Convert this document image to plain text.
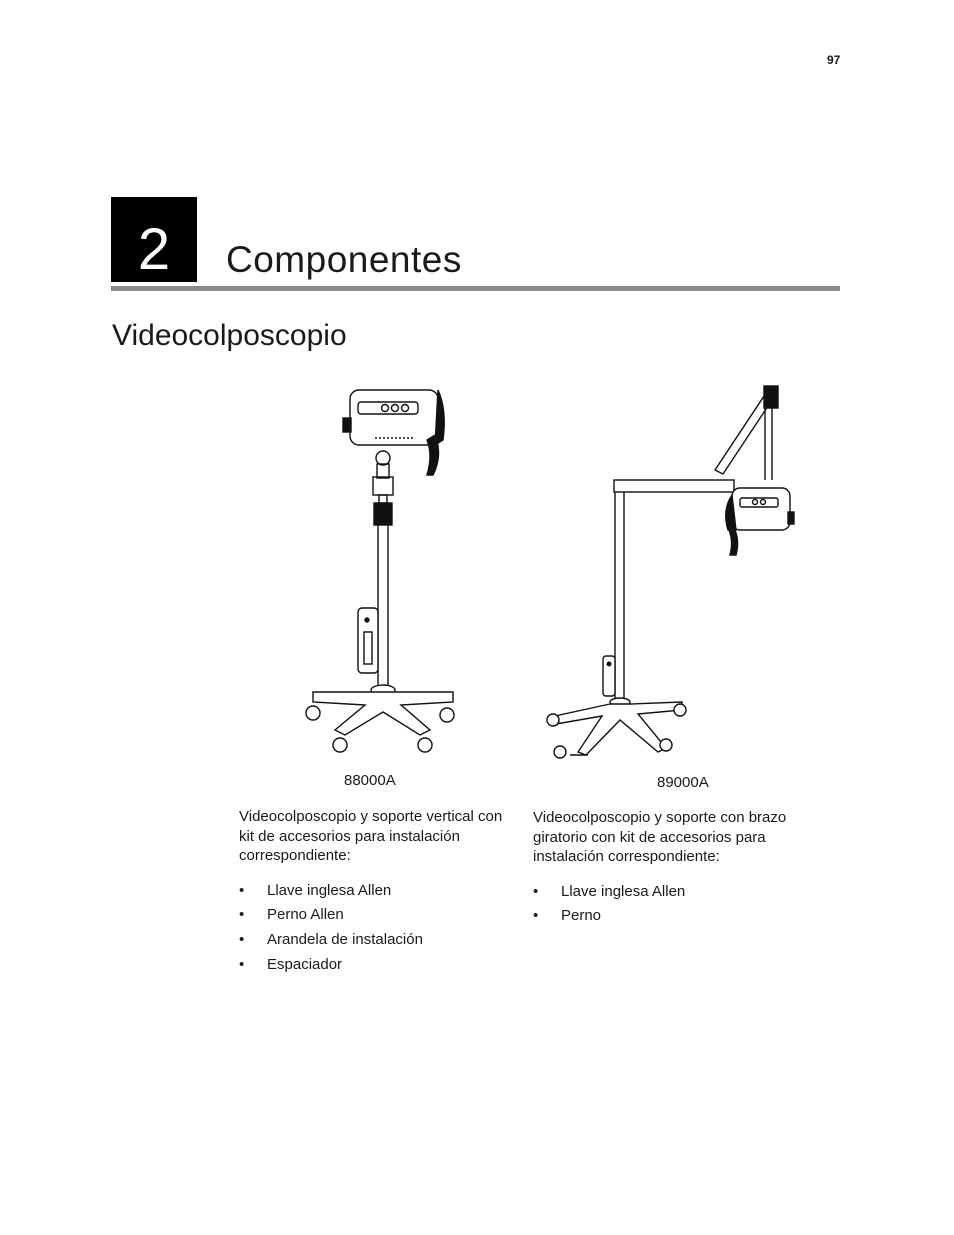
97
2 Componentes
Videocolposcopio
88000A	89000A

Videocolposcopio y soporte vertical con kit de accesorios para instalación correspondiente:

• Llave inglesa Allen
• Perno Allen
• Arandela de instalación
• Espaciador

Videocolposcopio y soporte con brazo giratorio con kit de accesorios para instalación correspondiente:

• Llave inglesa Allen
• Perno
